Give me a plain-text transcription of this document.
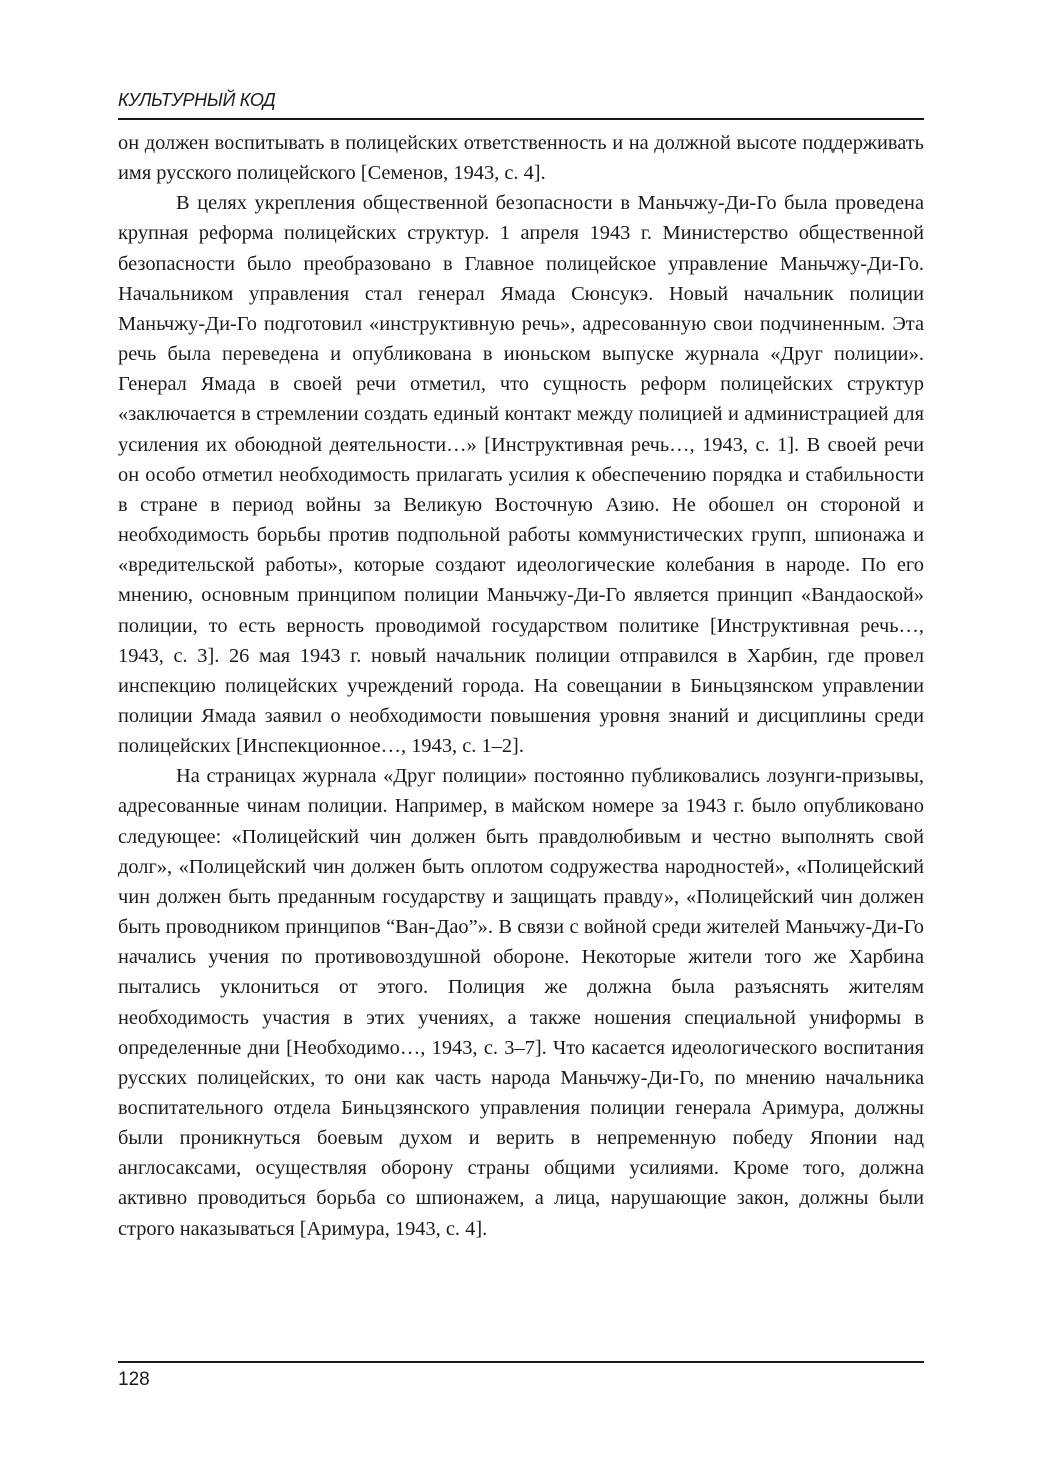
КУЛЬТУРНЫЙ КОД

он должен воспитывать в полицейских ответственность и на должной высоте поддерживать имя русского полицейского [Семенов, 1943, с. 4].

В целях укрепления общественной безопасности в Маньчжу-Ди-Го была проведена крупная реформа полицейских структур. 1 апреля 1943 г. Министерство общественной безопасности было преобразовано в Главное полицейское управление Маньчжу-Ди-Го. Начальником управления стал генерал Ямада Сюнсукэ. Новый начальник полиции Маньчжу-Ди-Го подготовил «инструктивную речь», адресованную свои подчиненным. Эта речь была переведена и опубликована в июньском выпуске журнала «Друг полиции». Генерал Ямада в своей речи отметил, что сущность реформ полицейских структур «заключается в стремлении создать единый контакт между полицией и администрацией для усиления их обоюдной деятельности…» [Инструктивная речь…, 1943, с. 1]. В своей речи он особо отметил необходимость прилагать усилия к обеспечению порядка и стабильности в стране в период войны за Великую Восточную Азию. Не обошел он стороной и необходимость борьбы против подпольной работы коммунистических групп, шпионажа и «вредительской работы», которые создают идеологические колебания в народе. По его мнению, основным принципом полиции Маньчжу-Ди-Го является принцип «Вандаоской» полиции, то есть верность проводимой государством политике [Инструктивная речь…, 1943, с. 3]. 26 мая 1943 г. новый начальник полиции отправился в Харбин, где провел инспекцию полицейских учреждений города. На совещании в Биньцзянском управлении полиции Ямада заявил о необходимости повышения уровня знаний и дисциплины среди полицейских [Инспекционное…, 1943, с. 1–2].

На страницах журнала «Друг полиции» постоянно публиковались лозунги-призывы, адресованные чинам полиции. Например, в майском номере за 1943 г. было опубликовано следующее: «Полицейский чин должен быть правдолюбивым и честно выполнять свой долг», «Полицейский чин должен быть оплотом содружества народностей», «Полицейский чин должен быть преданным государству и защищать правду», «Полицейский чин должен быть проводником принципов “Ван-Дао”». В связи с войной среди жителей Маньчжу-Ди-Го начались учения по противовоздушной обороне. Некоторые жители того же Харбина пытались уклониться от этого. Полиция же должна была разъяснять жителям необходимость участия в этих учениях, а также ношения специальной униформы в определенные дни [Необходимо…, 1943, с. 3–7]. Что касается идеологического воспитания русских полицейских, то они как часть народа Маньчжу-Ди-Го, по мнению начальника воспитательного отдела Биньцзянского управления полиции генерала Аримура, должны были проникнуться боевым духом и верить в непременную победу Японии над англосаксами, осуществляя оборону страны общими усилиями. Кроме того, должна активно проводиться борьба со шпионажем, а лица, нарушающие закон, должны были строго наказываться [Аримура, 1943, с. 4].

128
